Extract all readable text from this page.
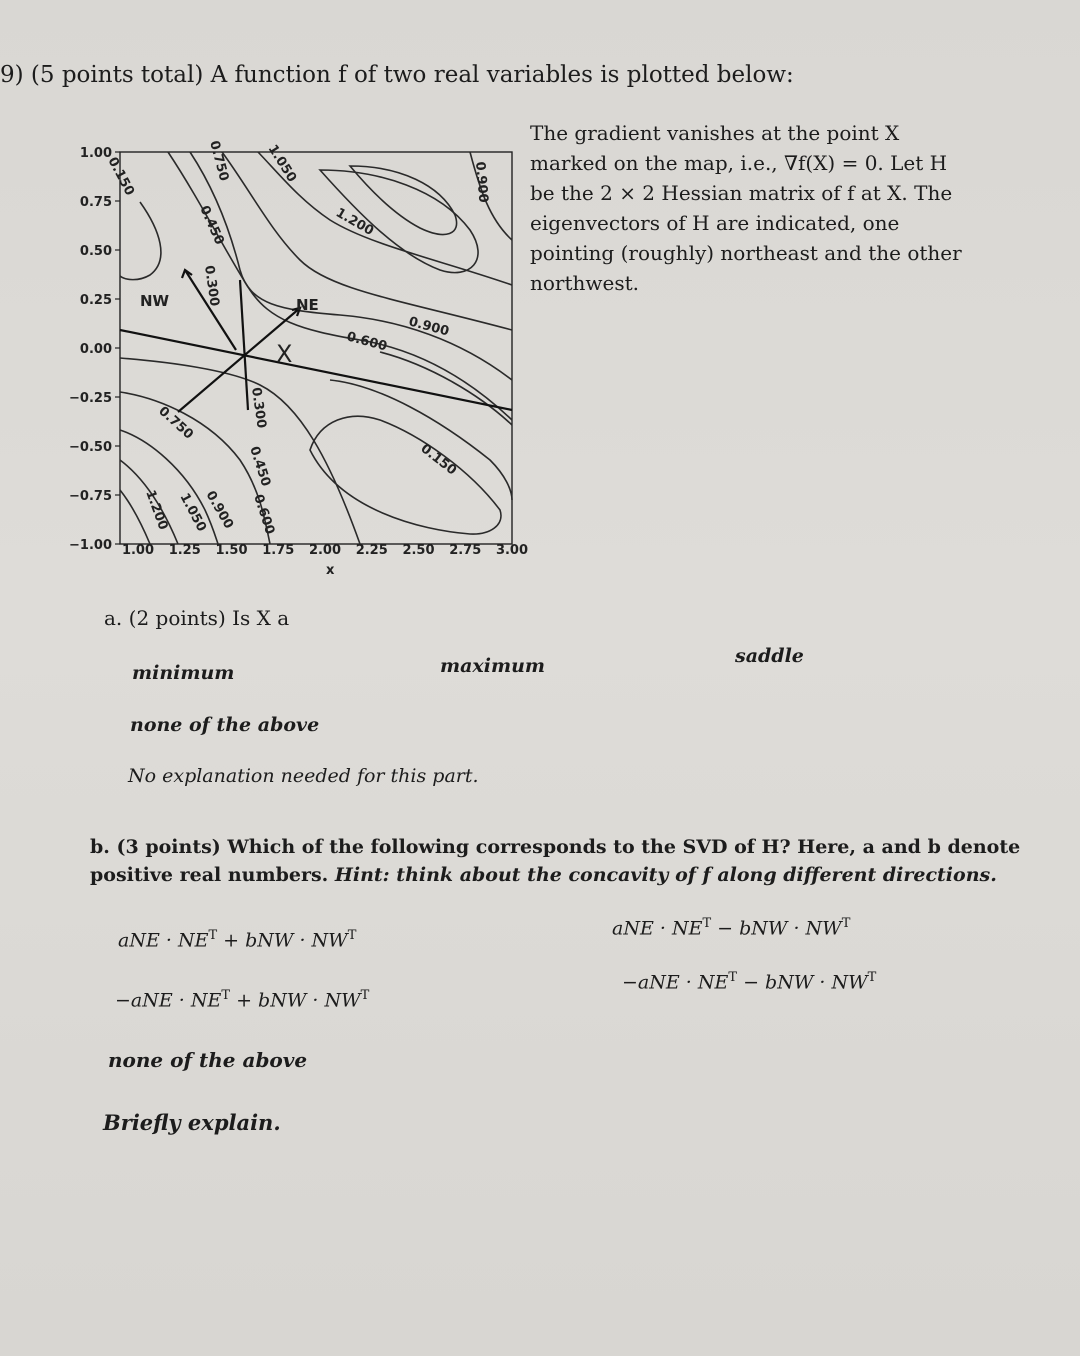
9) (5 points total) A function f of two real variables is plotted below:
1.00
0.75
0.50
0.25
0.00
−0.25
−0.50
−0.75
−1.00 1.00 1.25 1.50 1.75 2.00 2.25 2.50 2.75 3.00
0.150	0.750	1.050
0.450
0.300
1.200
0.900
0.600
0.900
0.300
0.750
0.450	0.150
0.600
0.900
1.050
1.200
NW	NE
X
x
The gradient vanishes at the point X marked on the map, i.e., ∇f(X) = 0. Let H be the 2 × 2 Hessian matrix of f at X. The eigenvectors of H are indicated, one pointing (roughly) northeast and the other northwest.
a. (2 points) Is X a
minimum	maximum	saddle
none of the above
No explanation needed for this part.
b. (3 points) Which of the following corresponds to the SVD of H? Here, a and b denote positive real numbers. Hint: think about the concavity of f along different directions.
aNE · $NE^T$ + bNW · $NW^T$	aNE · $NE^T$ − bNW · $NW^T$
$-aNE \cdot NE^T$ + bNW · $NW^T$
$-aNE \cdot NE^T$ − bNW · $NW^T$
none of the above
Briefly explain.
